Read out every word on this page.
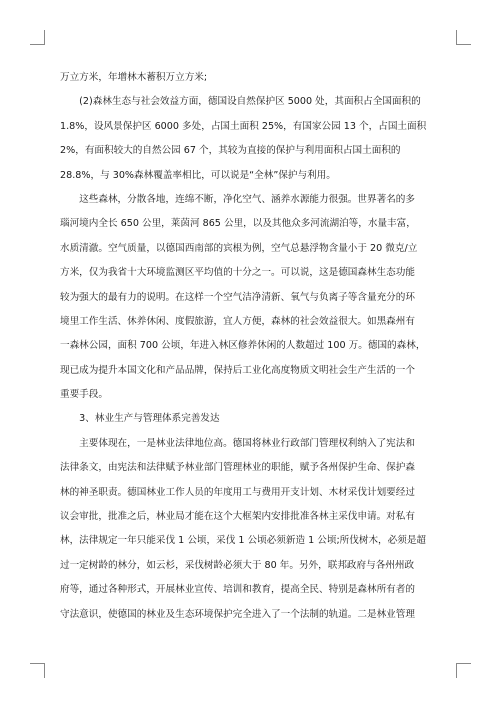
万立方米，年增林木蓄积万立方米;
　　(2)森林生态与社会效益方面，德国设自然保护区 5000 处，其面积占全国面积的
1.8%，设风景保护区 6000 多处，占国土面积 25%，有国家公园 13 个，占国土面积
2%，有面积较大的自然公园 67 个，其较为直接的保护与利用面积占国土面积的
28.8%，与 30%森林覆盖率相比，可以说是“全林”保护与利用。
　　这些森林，分散各地，连绵不断，净化空气、涵养水源能力很强。世界著名的多
瑙河境内全长 650 公里，莱茵河 865 公里，以及其他众多河流湖泊等，水量丰富，
水质清澈。空气质量，以德国西南部的宾根为例，空气总悬浮物含量小于 20 微克/立
方米，仅为我省十大环境监测区平均值的十分之一。可以说，这是德国森林生态功能
较为强大的最有力的说明。在这样一个空气洁净清新、氧气与负离子等含量充分的环
境里工作生活、休养休闲、度假旅游，宜人方便，森林的社会效益很大。如黑森州有
一森林公园，面积 700 公顷，年进入林区修养休闲的人数超过 100 万。德国的森林，
现已成为提升本国文化和产品品牌，保持后工业化高度物质文明社会生产生活的一个
重要手段。
　　3、林业生产与管理体系完善发达
　　主要体现在，一是林业法律地位高。德国将林业行政部门管理权利纳入了宪法和
法律条文，由宪法和法律赋予林业部门管理林业的职能，赋予各州保护生命、保护森
林的神圣职责。德国林业工作人员的年度用工与费用开支计划、木材采伐计划要经过
议会审批，批准之后，林业局才能在这个大框架内安排批准各林主采伐申请。对私有
林，法律规定一年只能采伐 1 公顷，采伐 1 公顷必须新造 1 公顷;所伐树木，必须是超
过一定树龄的林分，如云杉，采伐树龄必须大于 80 年。另外，联邦政府与各州州政
府等，通过各种形式，开展林业宣传、培训和教育，提高全民、特别是森林所有者的
守法意识，使德国的林业及生态环境保护完全进入了一个法制的轨道。二是林业管理
